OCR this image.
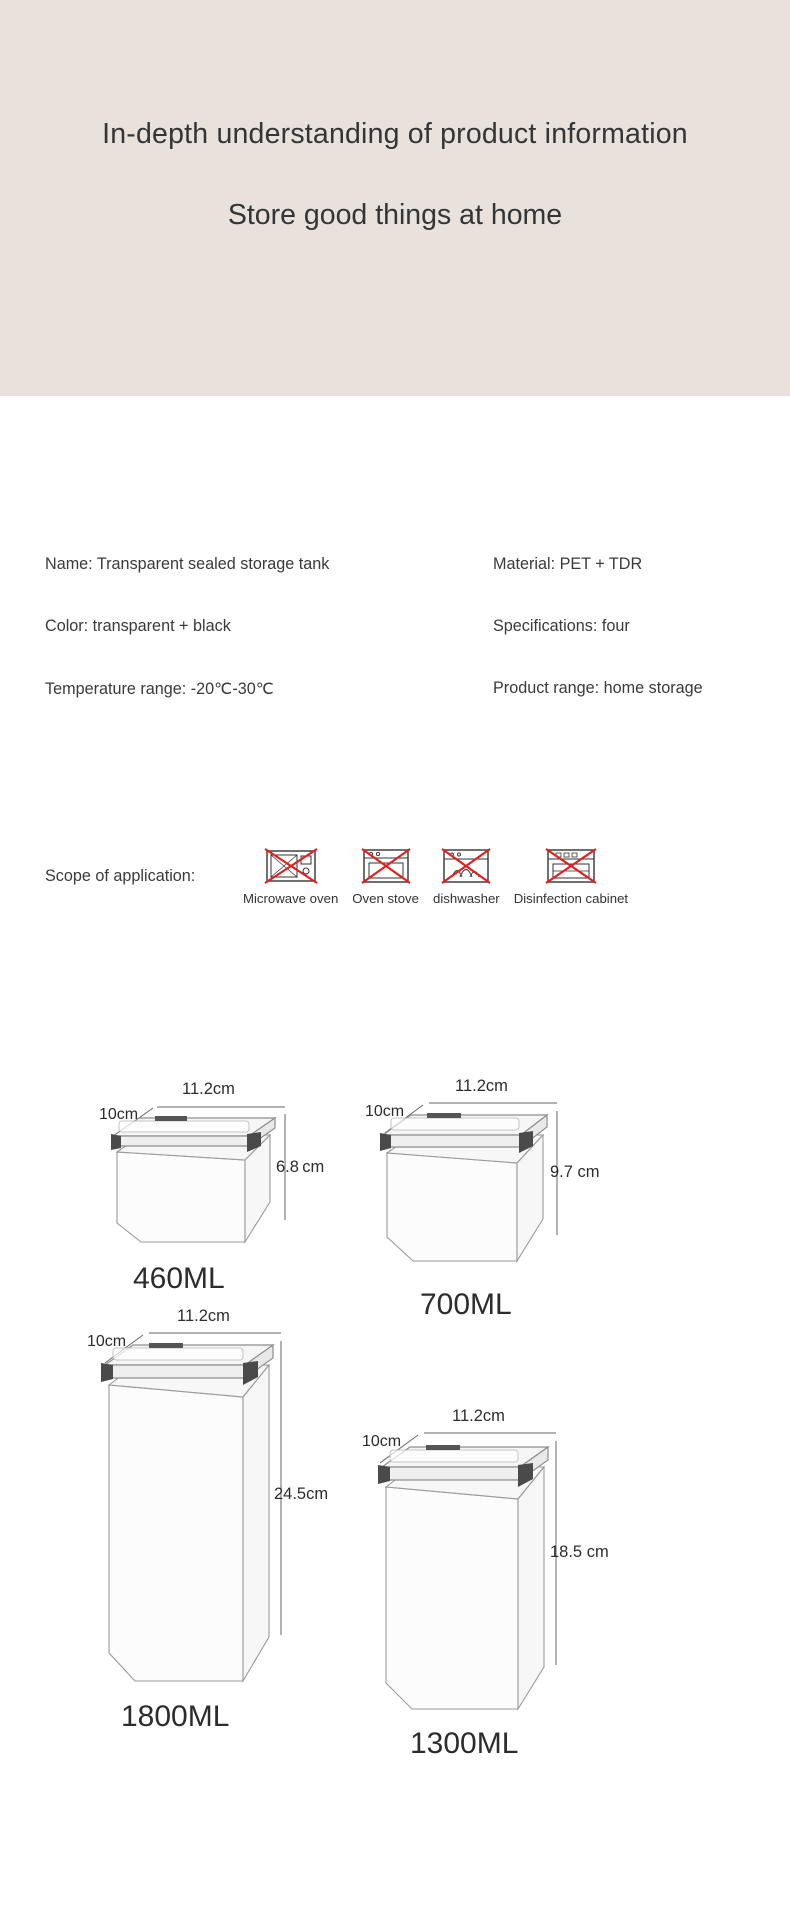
In-depth understanding of product information
Store good things at home
Name: Transparent sealed storage tank
Color: transparent + black
Temperature range: -20℃-30℃
Material: PET + TDR
Specifications: four
Product range: home storage
Scope of application:
Microwave oven Oven stove dishwasher Disinfection cabinet
10cm
11.2cm
6.8 cm
460ML
10cm
11.2cm
9.7 cm
700ML
10cm
11.2cm
24.5cm
1800ML
10cm
11.2cm
18.5 cm
1300ML
